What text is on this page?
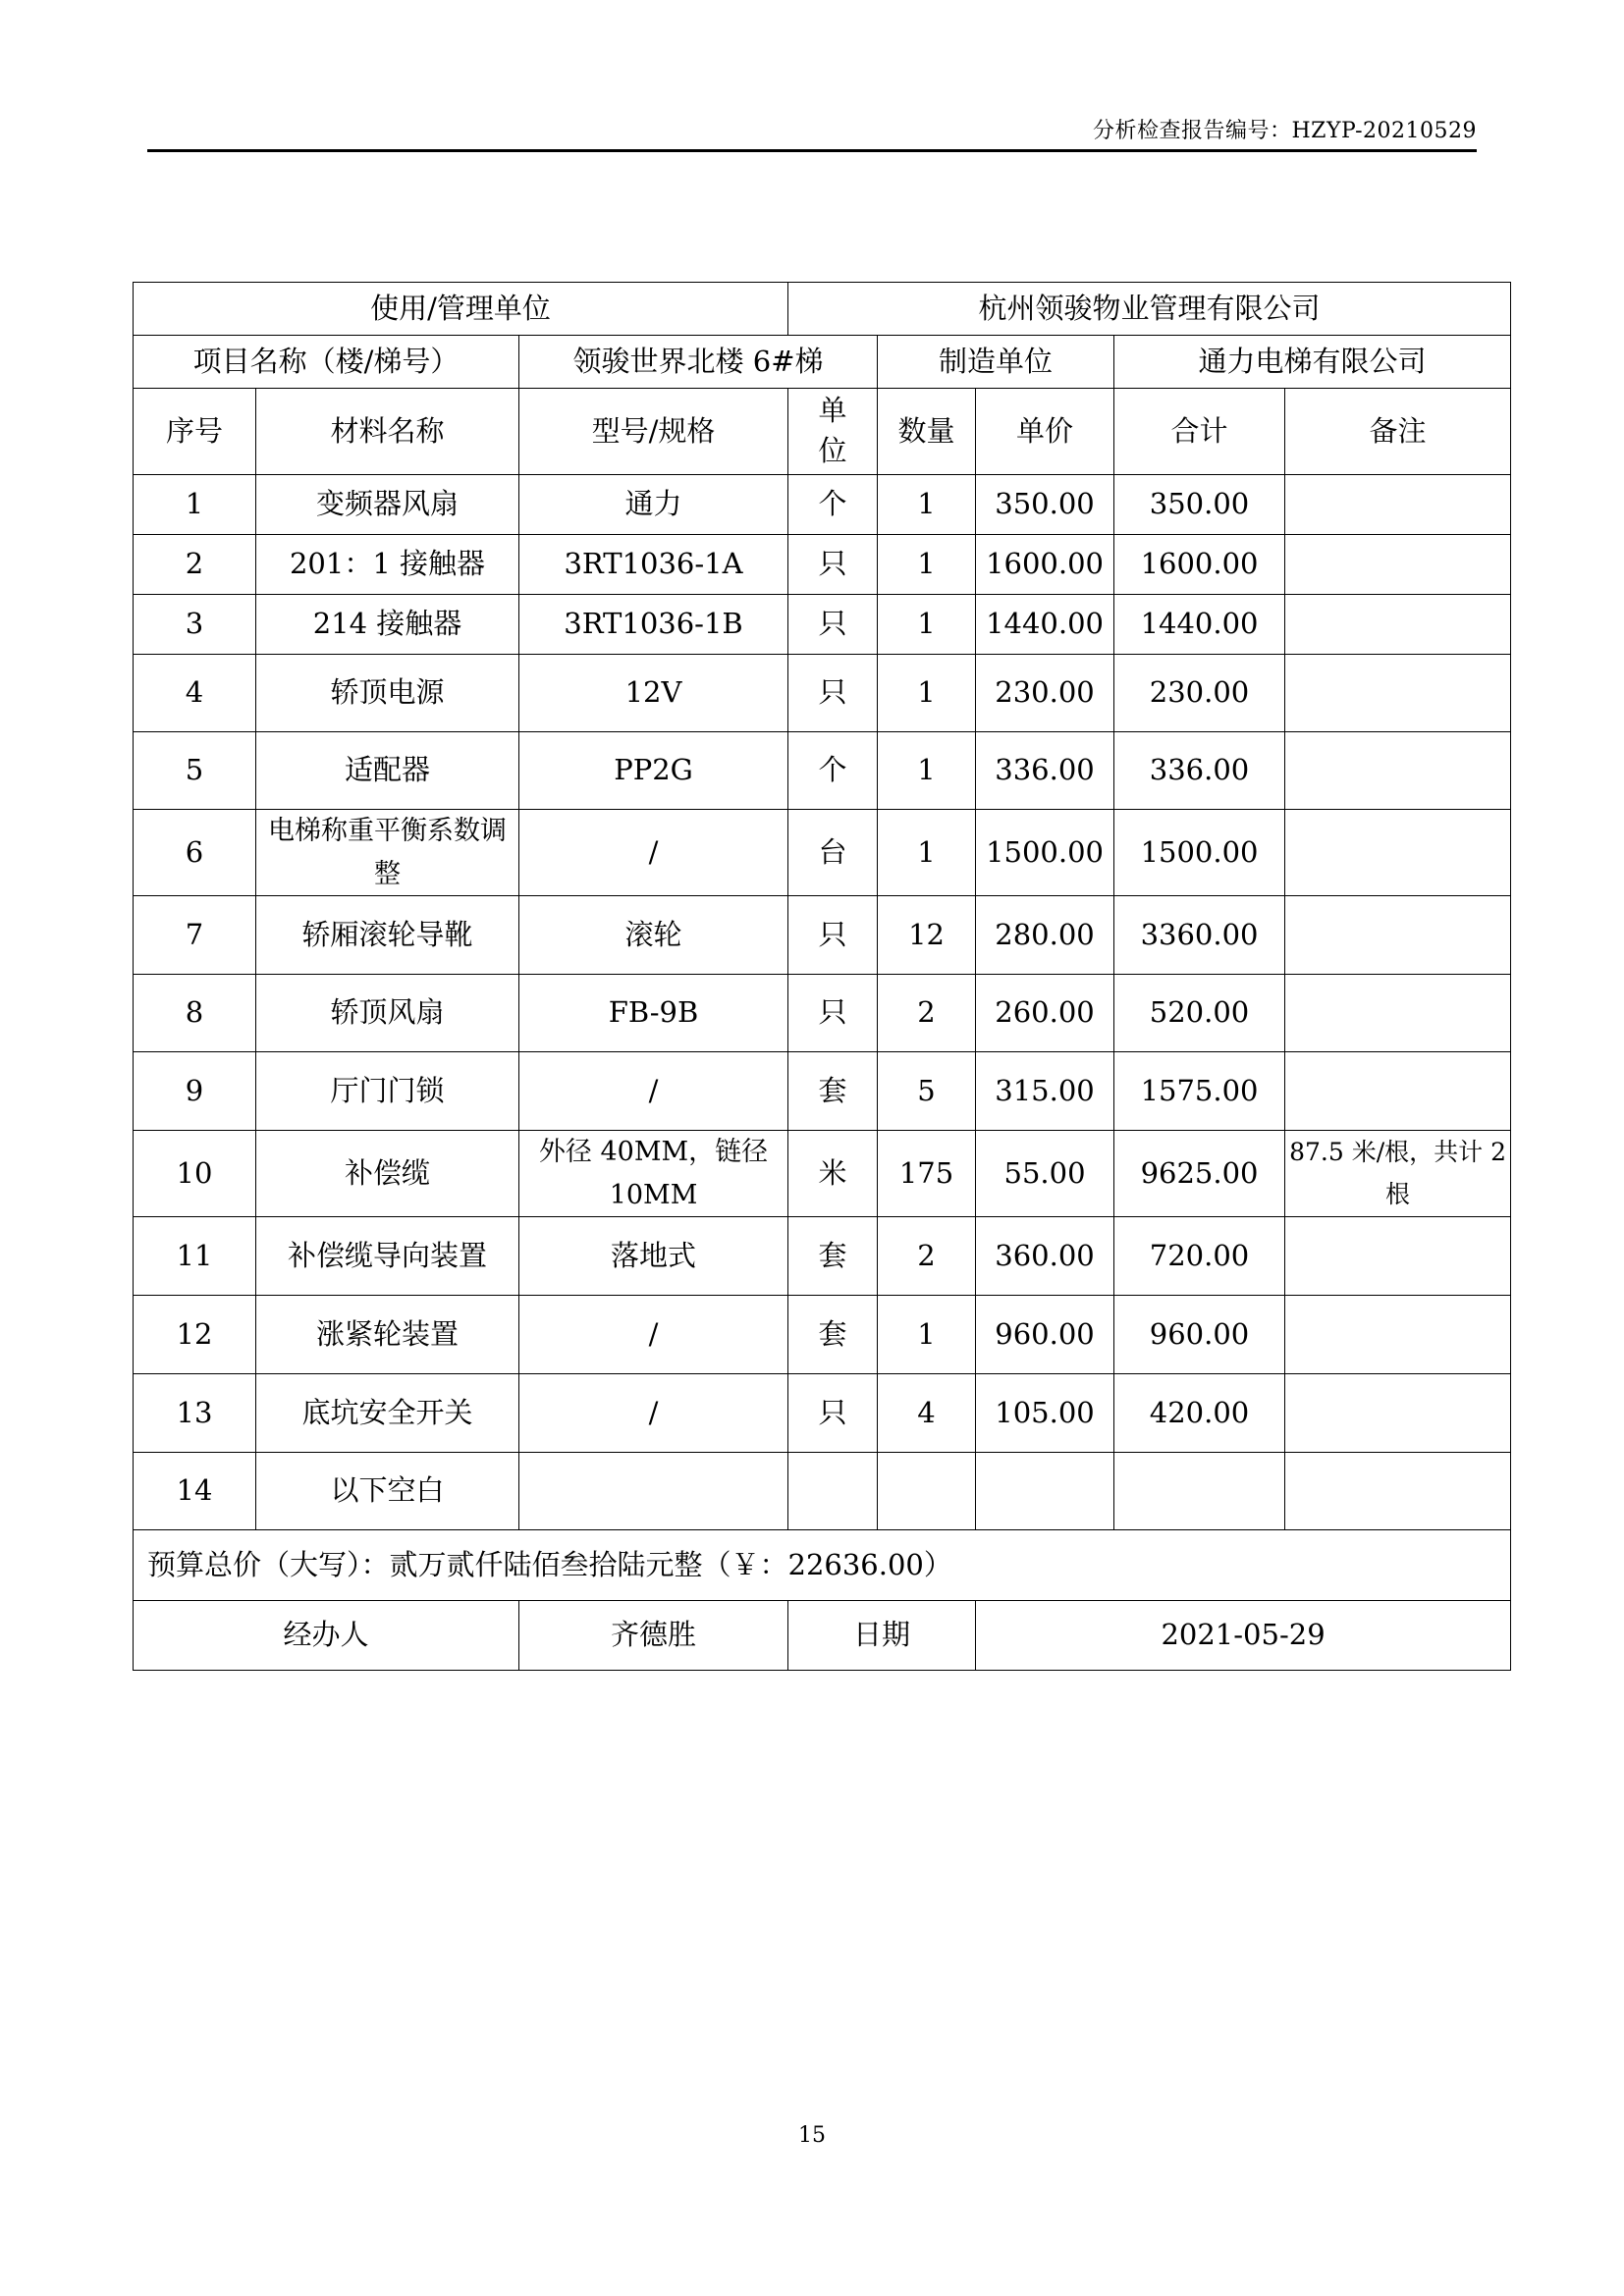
分析检查报告编号：HZYP-20210529
使用/管理单位			杭州领骏物业管理有限公司				
项目名称（楼/梯号）		领骏世界北楼 6#梯		制造单位		通力电梯有限公司	
序号	材料名称	型号/规格	单位	数量	单价	合计	备注
1	变频器风扇	通力	个	1	350.00	350.00	
2	201：1 接触器	3RT1036-1A	只	1	1600.00	1600.00	
3	214 接触器	3RT1036-1B	只	1	1440.00	1440.00	
4	轿顶电源	12V	只	1	230.00	230.00	
5	适配器	PP2G	个	1	336.00	336.00	
6	电梯称重平衡系数调整	/	台	1	1500.00	1500.00	
7	轿厢滚轮导靴	滚轮	只	12	280.00	3360.00	
8	轿顶风扇	FB-9B	只	2	260.00	520.00	
9	厅门门锁	/	套	5	315.00	1575.00	
10	补偿缆	外径 40MM，链径 10MM	米	175	55.00	9625.00	87.5 米/根，共计 2 根
11	补偿缆导向装置	落地式	套	2	360.00	720.00	
12	涨紧轮装置	/	套	1	960.00	960.00	
13	底坑安全开关	/	只	4	105.00	420.00	
14	以下空白						
预算总价（大写）：贰万贰仟陆佰叁拾陆元整（￥：22636.00）							
经办人		齐德胜	日期		2021-05-29		
15
